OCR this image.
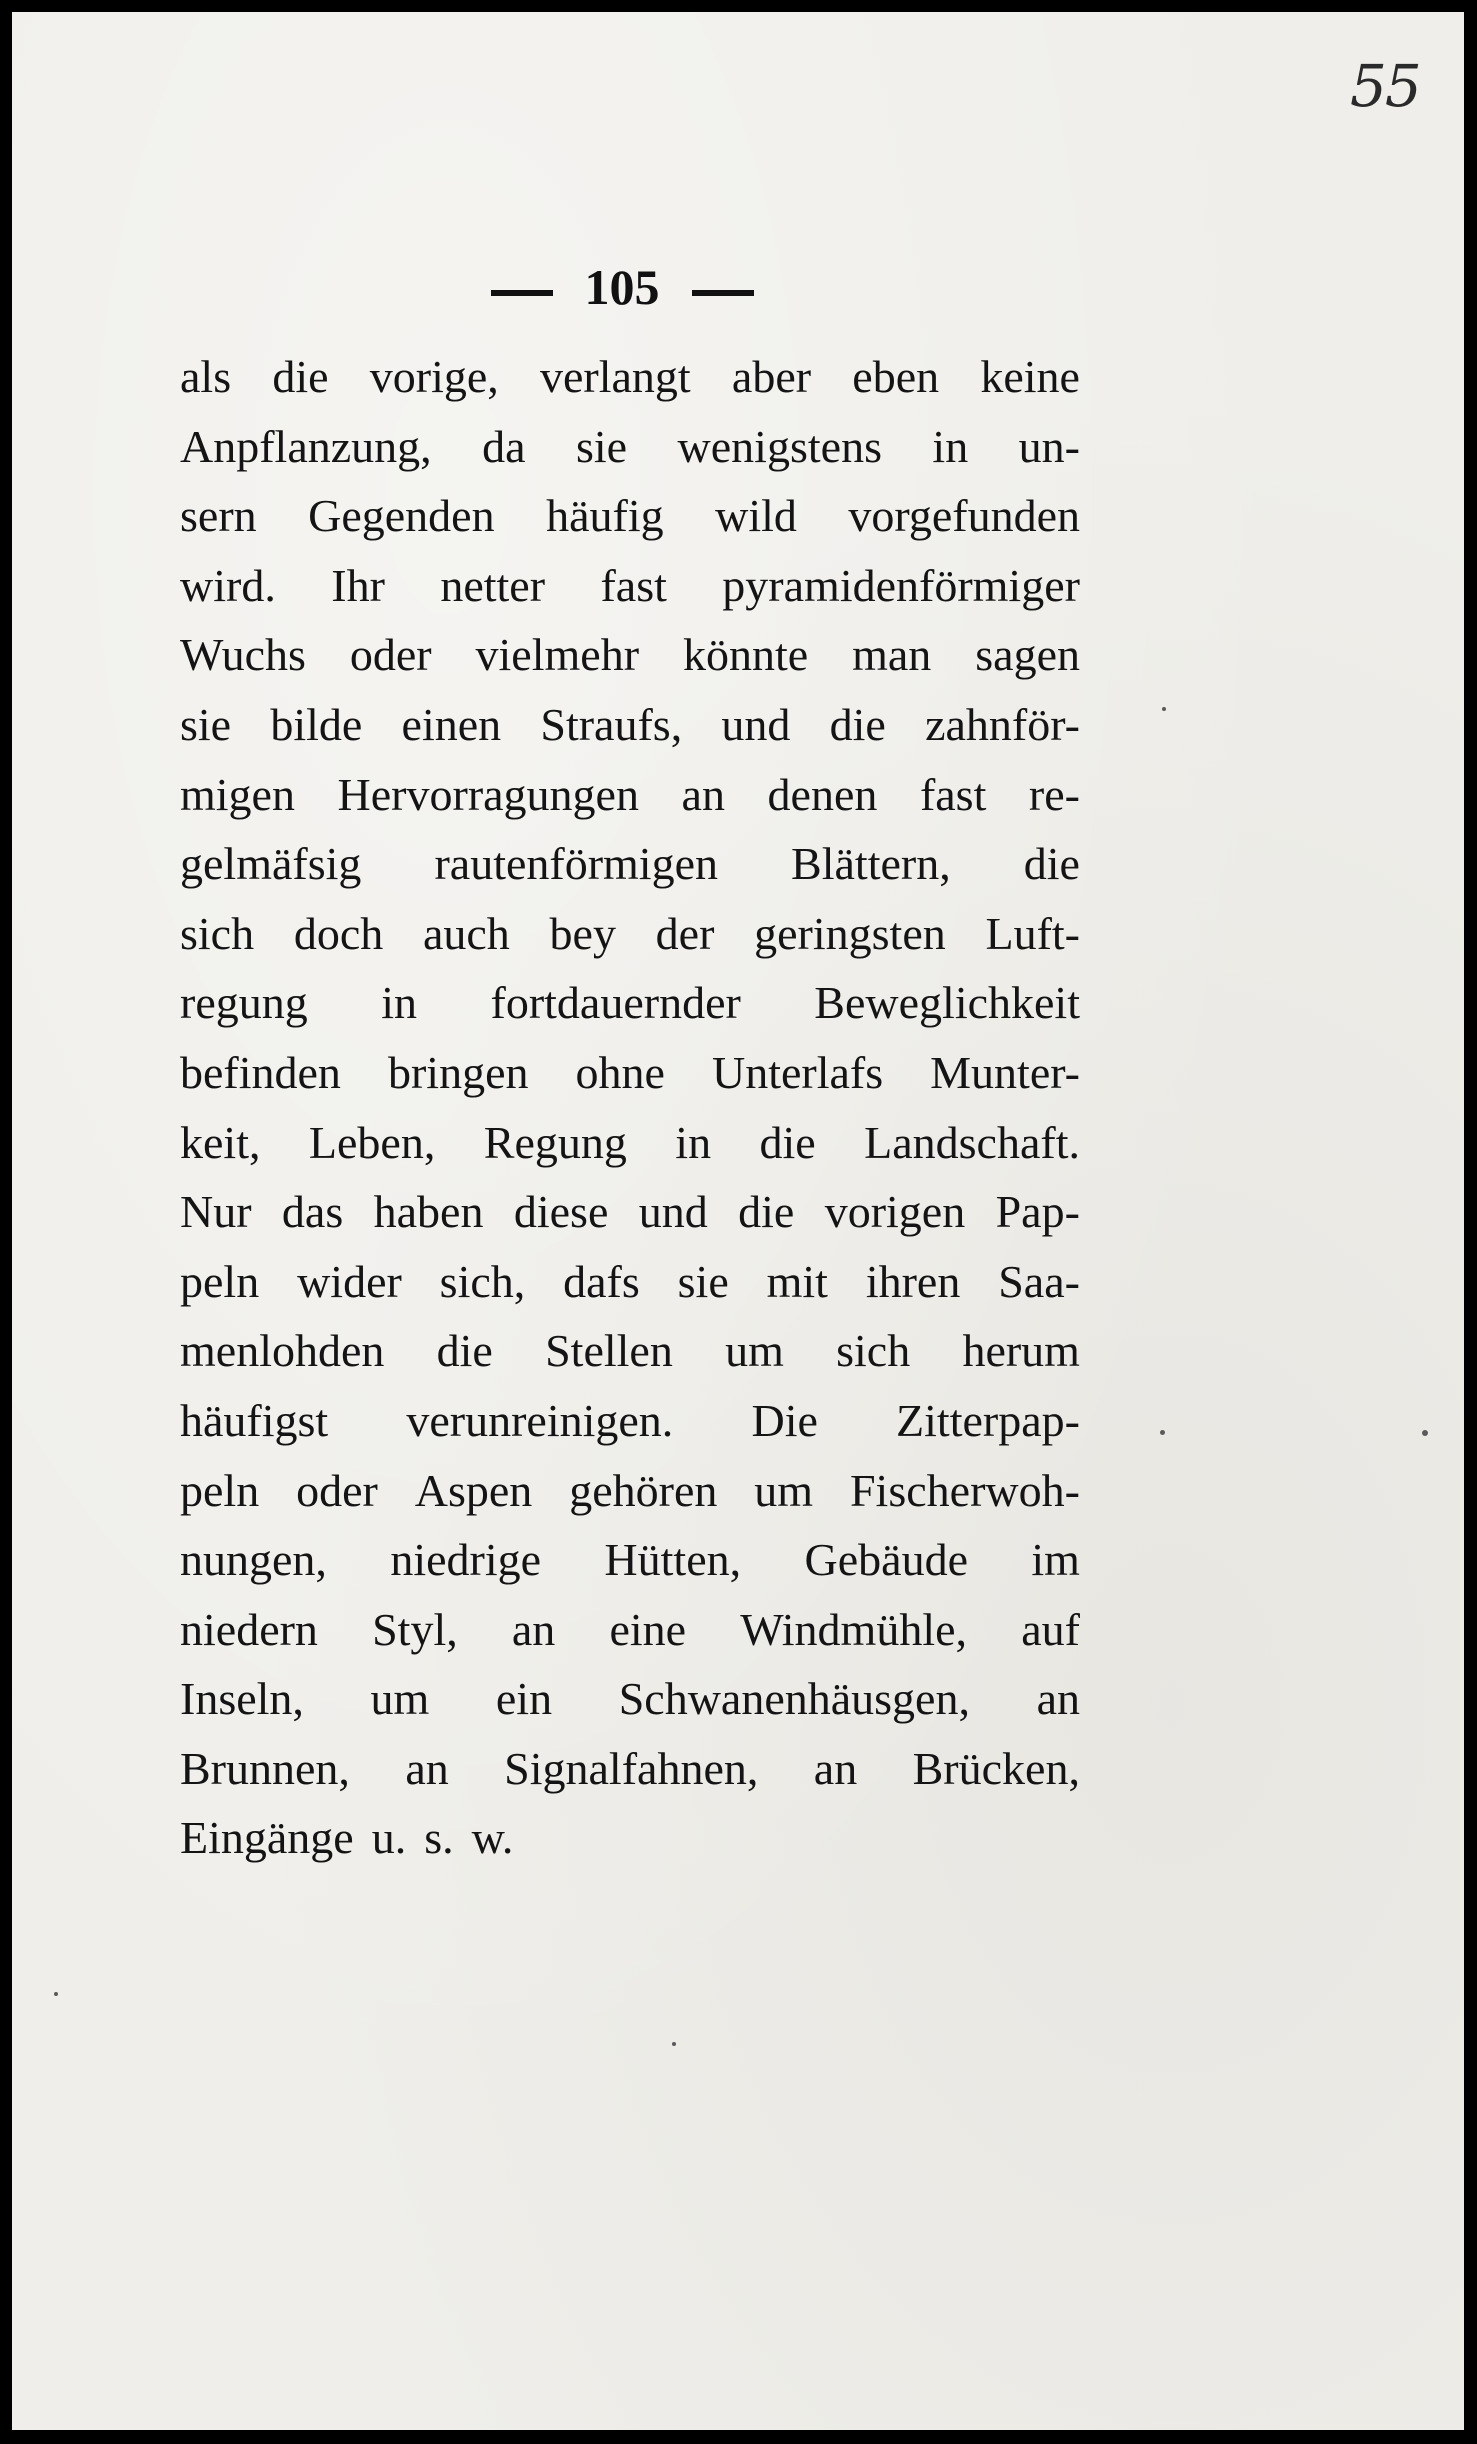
55
105
als die vorige, verlangt aber eben keine
Anpflanzung, da sie wenigstens in un-
sern Gegenden häufig wild vorgefunden
wird. Ihr netter fast pyramidenförmiger
Wuchs oder vielmehr könnte man sagen
sie bilde einen Straufs, und die zahnför-
migen Hervorragungen an denen fast re-
gelmäfsig rautenförmigen Blättern, die
sich doch auch bey der geringsten Luft-
regung in fortdauernder Beweglichkeit
befinden bringen ohne Unterlafs Munter-
keit, Leben, Regung in die Landschaft.
Nur das haben diese und die vorigen Pap-
peln wider sich, dafs sie mit ihren Saa-
menlohden die Stellen um sich herum
häufigst verunreinigen. Die Zitterpap-
peln oder Aspen gehören um Fischerwoh-
nungen, niedrige Hütten, Gebäude im
niedern Styl, an eine Windmühle, auf
Inseln, um ein Schwanenhäusgen, an
Brunnen, an Signalfahnen, an Brücken,
Eingänge u. s. w.
